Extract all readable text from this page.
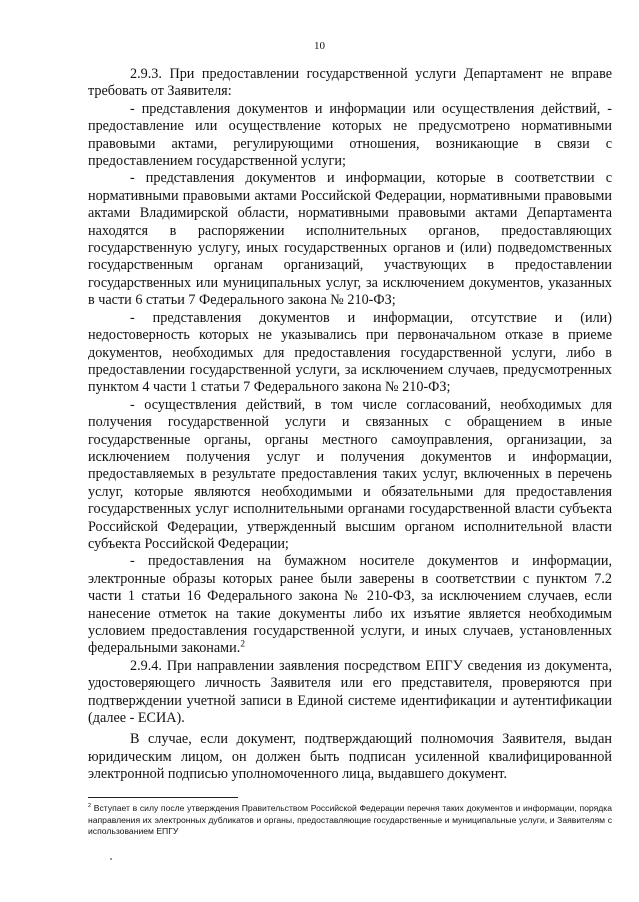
10

2.9.3. При предоставлении государственной услуги Департамент не вправе требовать от Заявителя:

- представления документов и информации или осуществления действий, - предоставление или осуществление которых не предусмотрено нормативными правовыми актами, регулирующими отношения, возникающие в связи с предоставлением государственной услуги;

- представления документов и информации, которые в соответствии с нормативными правовыми актами Российской Федерации, нормативными правовыми актами Владимирской области, нормативными правовыми актами Департамента находятся в распоряжении исполнительных органов, предоставляющих государственную услугу, иных государственных органов и (или) подведомственных государственным органам организаций, участвующих в предоставлении государственных или муниципальных услуг, за исключением документов, указанных в части 6 статьи 7 Федерального закона № 210-ФЗ;

- представления документов и информации, отсутствие и (или) недостоверность которых не указывались при первоначальном отказе в приеме документов, необходимых для предоставления государственной услуги, либо в предоставлении государственной услуги, за исключением случаев, предусмотренных пунктом 4 части 1 статьи 7 Федерального закона № 210-ФЗ;

- осуществления действий, в том числе согласований, необходимых для получения государственной услуги и связанных с обращением в иные государственные органы, органы местного самоуправления, организации, за исключением получения услуг и получения документов и информации, предоставляемых в результате предоставления таких услуг, включенных в перечень услуг, которые являются необходимыми и обязательными для предоставления государственных услуг исполнительными органами государственной власти субъекта Российской Федерации, утвержденный высшим органом исполнительной власти субъекта Российской Федерации;

- предоставления на бумажном носителе документов и информации, электронные образы которых ранее были заверены в соответствии с пунктом 7.2 части 1 статьи 16 Федерального закона № 210-ФЗ, за исключением случаев, если нанесение отметок на такие документы либо их изъятие является необходимым условием предоставления государственной услуги, и иных случаев, установленных федеральными законами.$^2$

2.9.4. При направлении заявления посредством ЕПГУ сведения из документа, удостоверяющего личность Заявителя или его представителя, проверяются при подтверждении учетной записи в Единой системе идентификации и аутентификации (далее - ЕСИА).

В случае, если документ, подтверждающий полномочия Заявителя, выдан юридическим лицом, он должен быть подписан усиленной квалифицированной электронной подписью уполномоченного лица, выдавшего документ.

$^2$ Вступает в силу после утверждения Правительством Российской Федерации перечня таких документов и информации, порядка направления их электронных дубликатов и органы, предоставляющие государственные и муниципальные услуги, и Заявителям с использованием ЕПГУ
